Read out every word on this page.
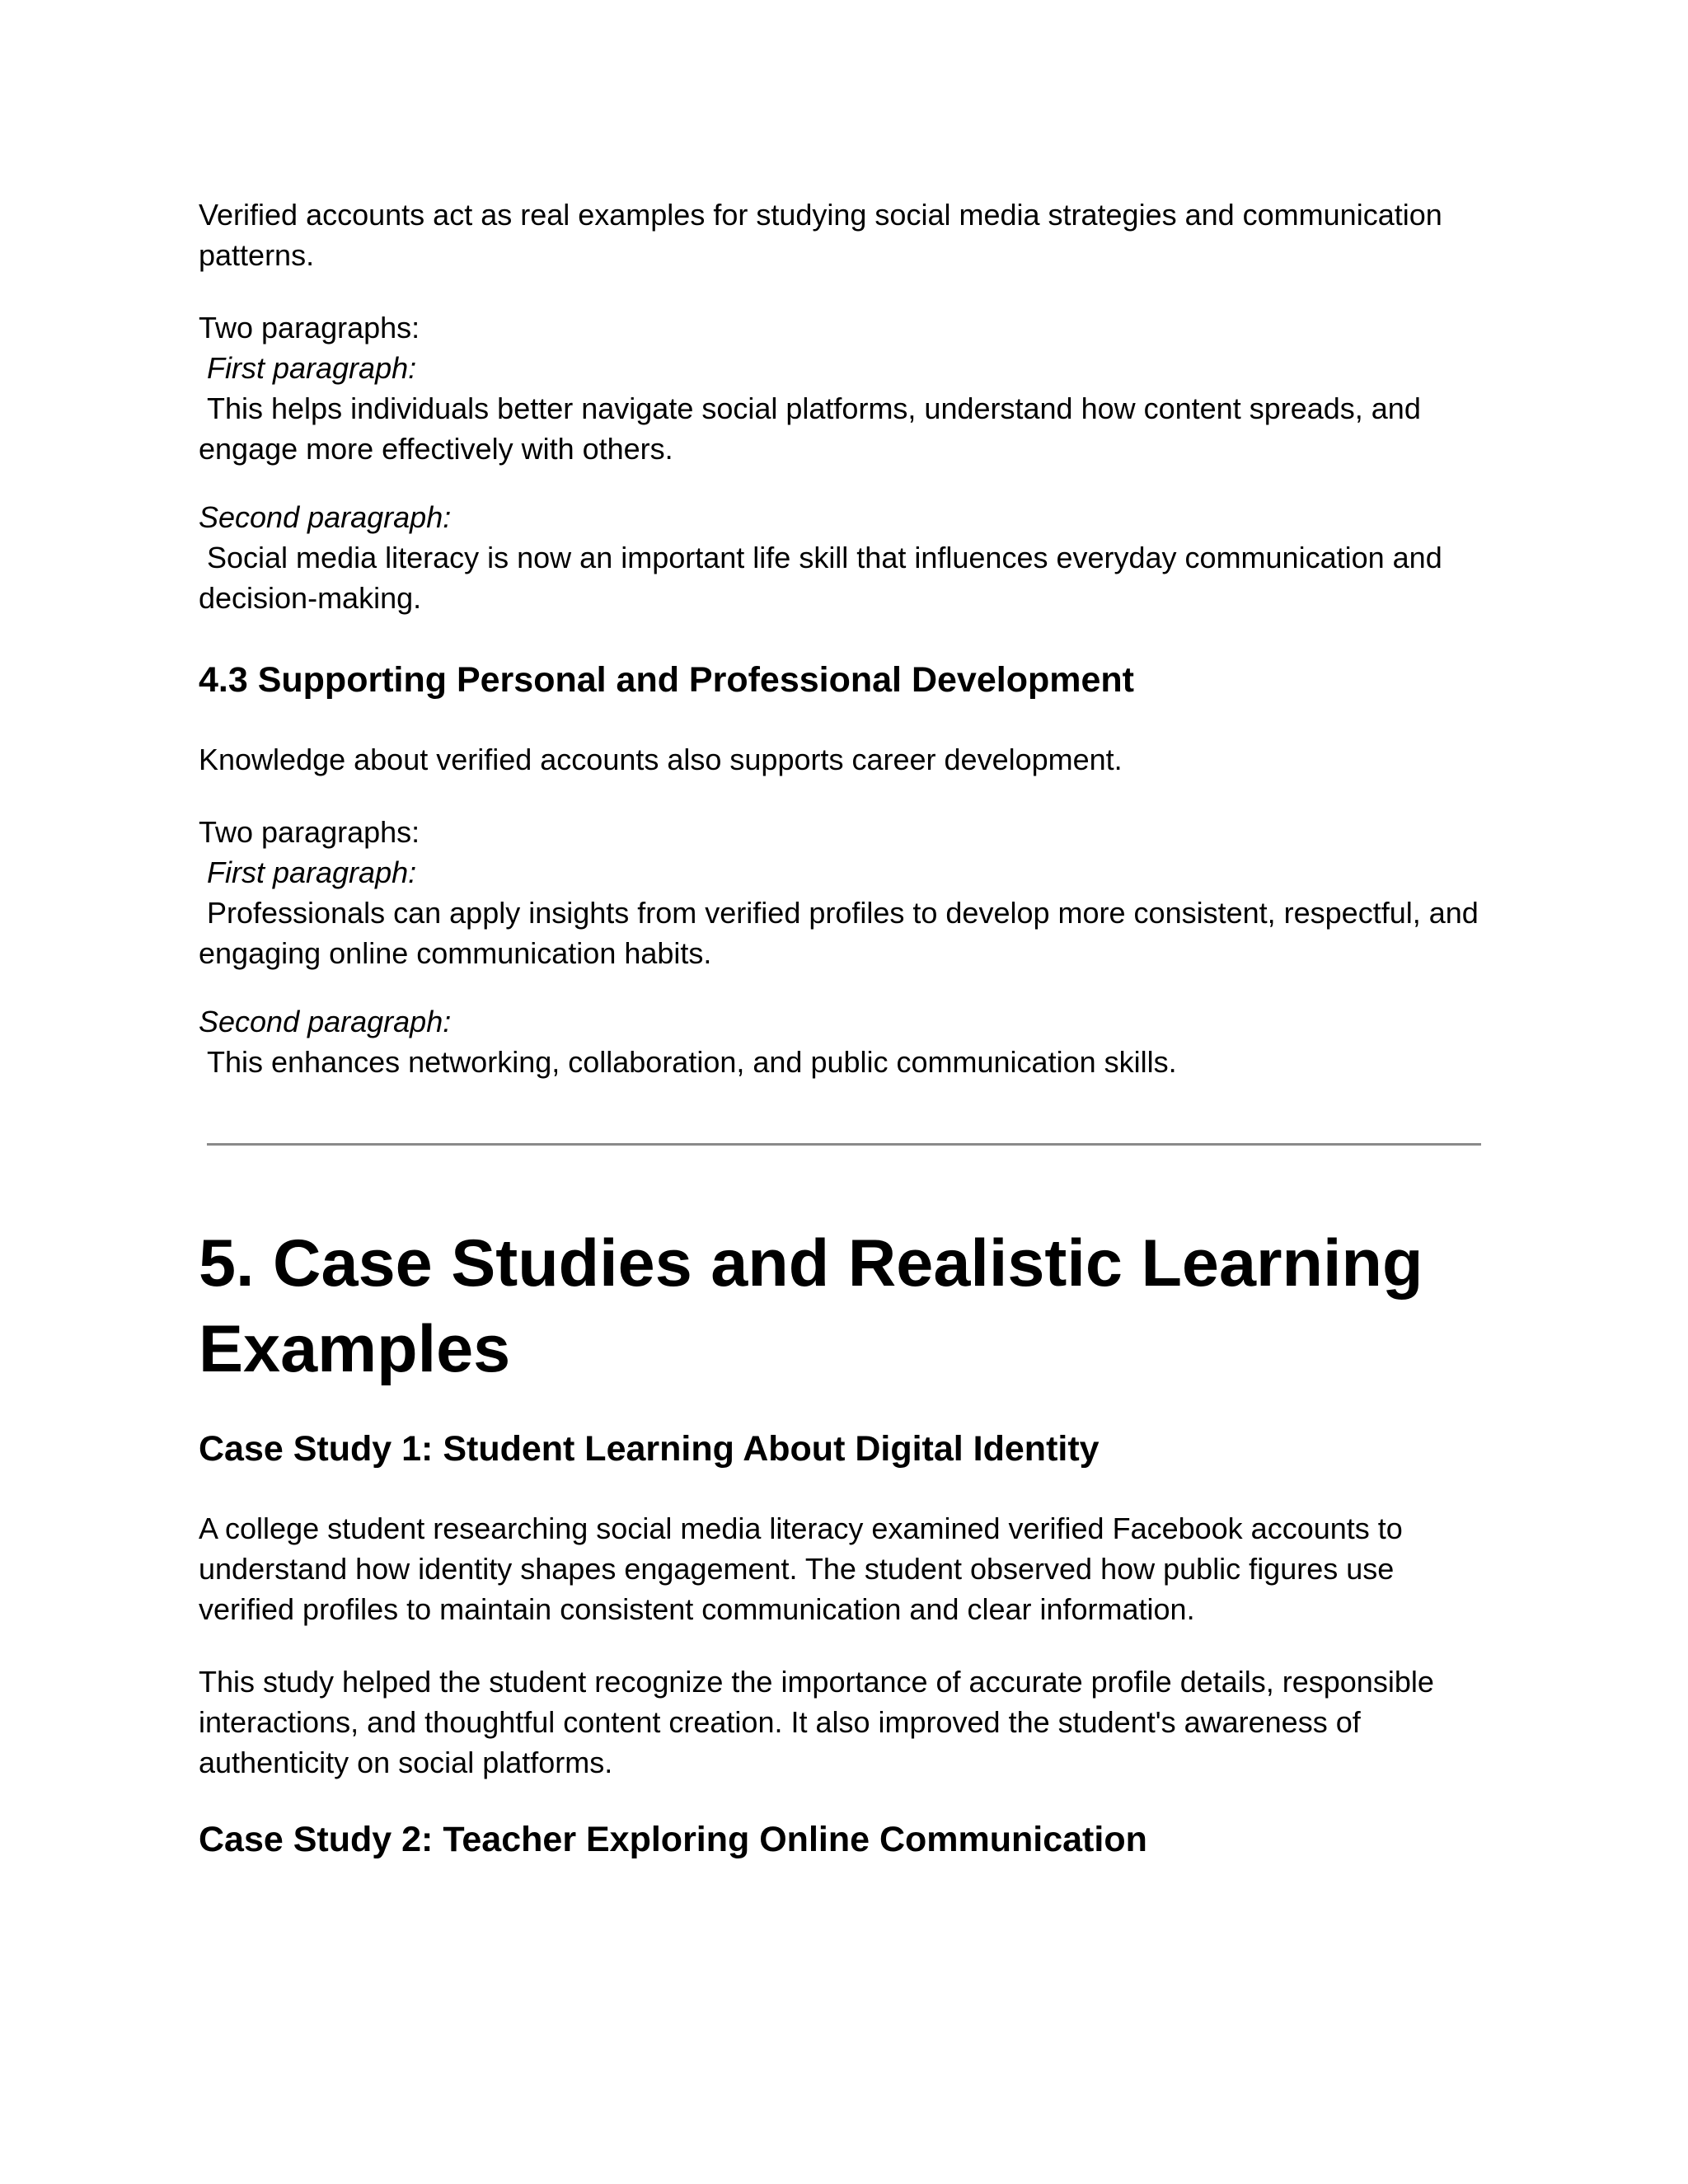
Verified accounts act as real examples for studying social media strategies and communication patterns.

Two paragraphs:

First paragraph:

This helps individuals better navigate social platforms, understand how content spreads, and engage more effectively with others.

Second paragraph:

Social media literacy is now an important life skill that influences everyday communication and decision-making.

4.3 Supporting Personal and Professional Development

Knowledge about verified accounts also supports career development.

Two paragraphs:

First paragraph:

Professionals can apply insights from verified profiles to develop more consistent, respectful, and engaging online communication habits.

Second paragraph:

This enhances networking, collaboration, and public communication skills.

5. Case Studies and Realistic Learning Examples
Case Study 1: Student Learning About Digital Identity

A college student researching social media literacy examined verified Facebook accounts to understand how identity shapes engagement. The student observed how public figures use verified profiles to maintain consistent communication and clear information.

This study helped the student recognize the importance of accurate profile details, responsible interactions, and thoughtful content creation. It also improved the student's awareness of authenticity on social platforms.

Case Study 2: Teacher Exploring Online Communication
